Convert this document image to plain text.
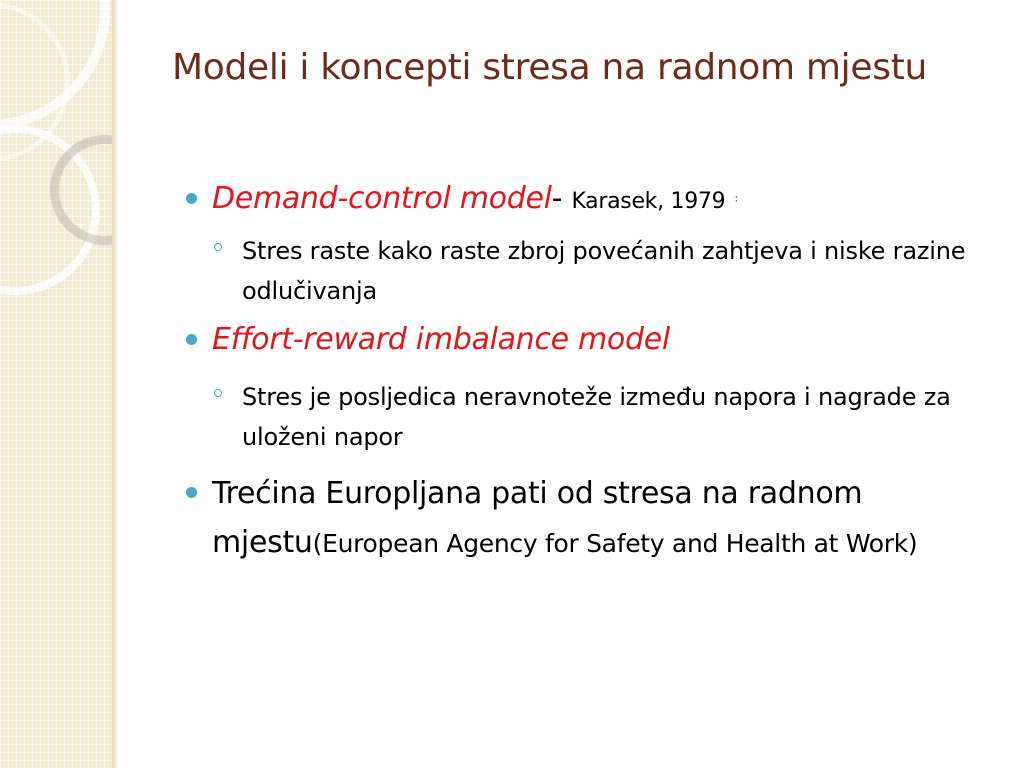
Modeli i koncepti stresa na radnom mjestu
Demand-control model- Karasek, 1979 :
Stres raste kako raste zbroj povećanih zahtjeva i niske razine odlučivanja
Effort-reward imbalance model
Stres je posljedica neravnoteže između napora i nagrade za uloženi napor
Trećina Europljana pati od stresa na radnom mjestu(European Agency for Safety and Health at Work)
